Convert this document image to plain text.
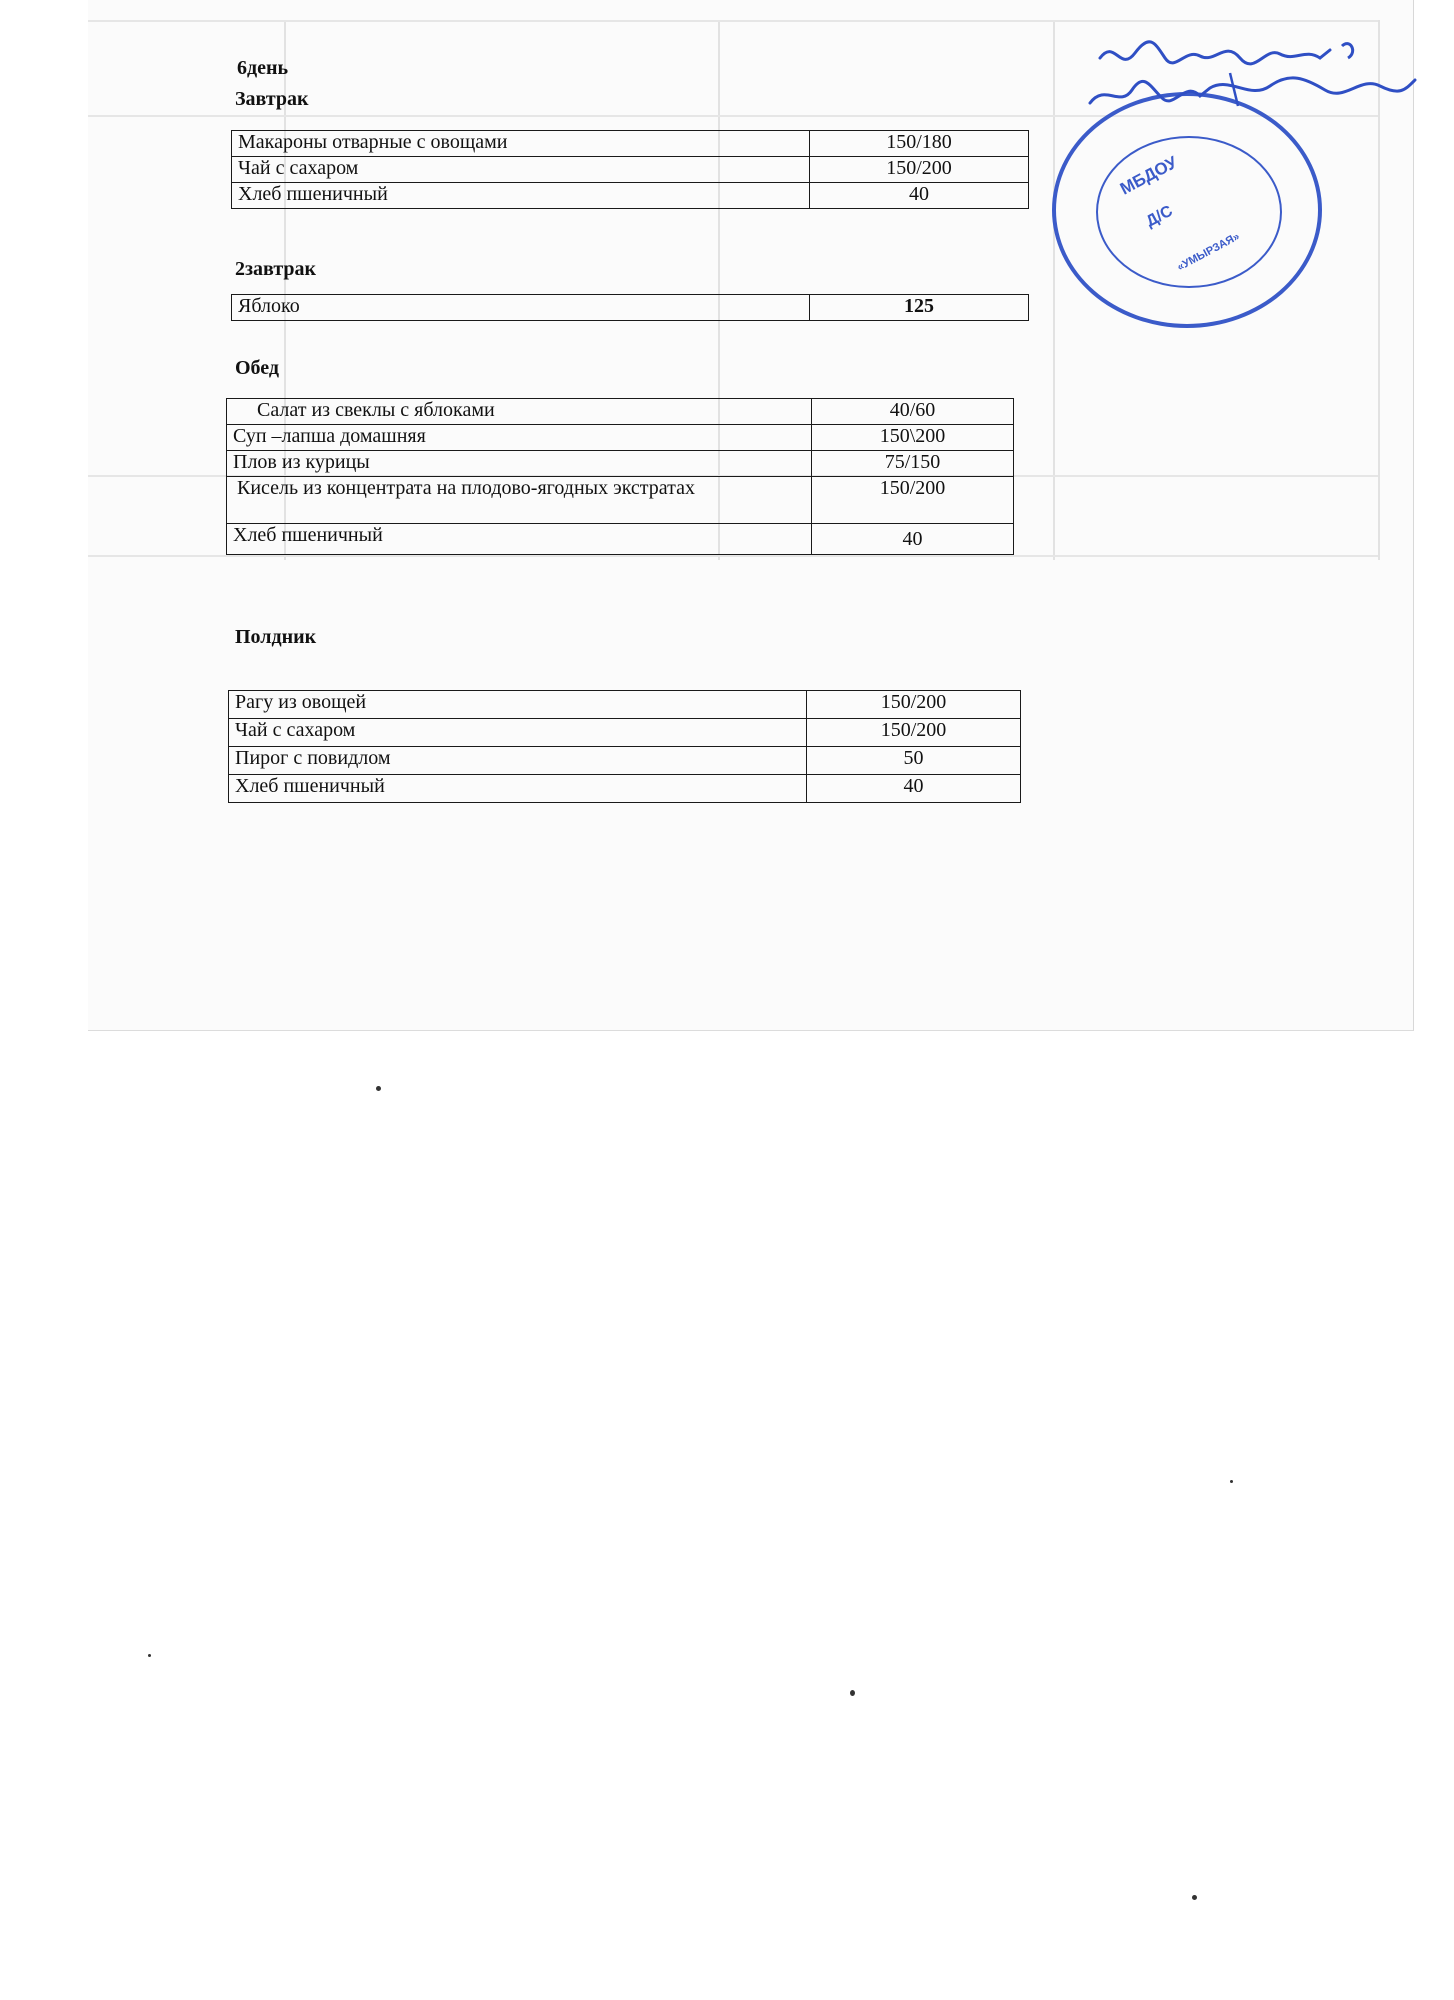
6день
Завтрак
Макароны отварные с овощами	150/180
Чай с сахаром	150/200
Хлеб пшеничный	40
2завтрак
Яблоко	125
Обед
Салат из свеклы с яблоками	40/60
Суп –лапша домашняя	150\200
Плов из курицы	75/150
Кисель из концентрата на плодово-ягодных экстратах	150/200
Хлеб пшеничный	40
Полдник
Рагу из овощей	150/200
Чай с сахаром	150/200
Пирог с повидлом	50
Хлеб пшеничный	40
МБДОУ
Д/С
«УМЫРЗАЯ»
